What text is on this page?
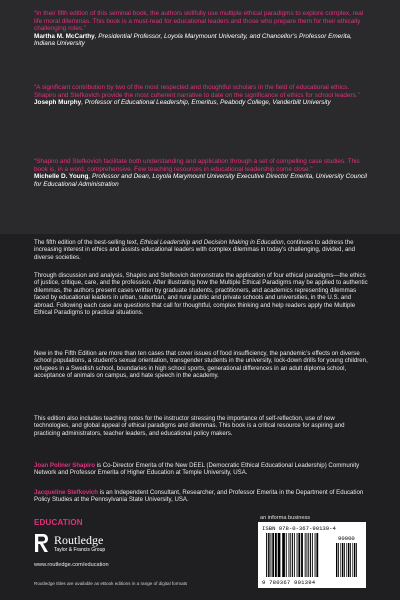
“In their fifth edition of this seminal book, the authors skillfully use multiple ethical paradigms to explore complex, real life moral dilemmas. This book is a must-read for educational leaders and those who prepare them for their ethically challenging roles.”
Martha M. McCarthy, Presidential Professor, Loyola Marymount University, and Chancellor’s Professor Emerita, Indiana University
“A significant contribution by two of the most respected and thoughtful scholars in the field of educational ethics. Shapiro and Stefkovich provide the most coherent narrative to date on the significance of ethics for school leaders.”
Joseph Murphy, Professor of Educational Leadership, Emeritus, Peabody College, Vanderbilt University
“Shapiro and Stefkovich facilitate both understanding and application through a set of compelling case studies. This book is, in a word, comprehensive. Few teaching resources in educational leadership come close.”
Michelle D. Young, Professor and Dean, Loyola Marymount University Executive Director Emerita, University Council for Educational Administration
The fifth edition of the best-selling text, Ethical Leadership and Decision Making in Education, continues to address the increasing interest in ethics and assists educational leaders with complex dilemmas in today’s challenging, divided, and diverse societies.
Through discussion and analysis, Shapiro and Stefkovich demonstrate the application of four ethical paradigms—the ethics of justice, critique, care, and the profession. After illustrating how the Multiple Ethical Paradigms may be applied to authentic dilemmas, the authors present cases written by graduate students, practitioners, and academics representing dilemmas faced by educational leaders in urban, suburban, and rural public and private schools and universities, in the U.S. and abroad. Following each case are questions that call for thoughtful, complex thinking and help readers apply the Multiple Ethical Paradigms to practical situations.
New in the Fifth Edition are more than ten cases that cover issues of food insufficiency, the pandemic’s effects on diverse school populations, a student’s sexual orientation, transgender students in the university, lock-down drills for young children, refugees in a Swedish school, boundaries in high school sports, generational differences in an adult diploma school, acceptance of animals on campus, and hate speech in the academy.
This edition also includes teaching notes for the instructor stressing the importance of self-reflection, use of new technologies, and global appeal of ethical paradigms and dilemmas. This book is a critical resource for aspiring and practicing administrators, teacher leaders, and educational policy makers.
Joan Poliner Shapiro is Co-Director Emerita of the New DEEL (Democratic Ethical Educational Leadership) Community Network and Professor Emerita of Higher Education at Temple University, USA.
Jacqueline Stefkovich is an Independent Consultant, Researcher, and Professor Emerita in the Department of Education Policy Studies at the Pennsylvania State University, USA.
EDUCATION
Routledge
Taylor & Francis Group
www.routledge.com/education
Routledge titles are available as eBook editions in a range of digital formats
an informa business
ISBN 978-0-367-90139-4
90000
9 780367 901394
